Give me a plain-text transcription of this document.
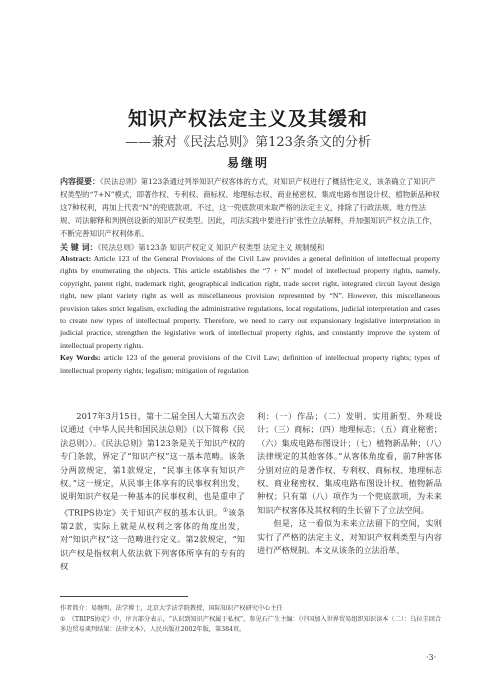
知识产权法定主义及其缓和
——兼对《民法总则》第123条条文的分析
易继明
内容提要：《民法总则》第123条通过列举知识产权客体的方式，对知识产权进行了概括性定义，该条确立了知识产权类型的“7+N”模式，即著作权、专利权、商标权、地理标志权、商业秘密权、集成电路布图设计权、植物新品种权这7种权利，再加上代表“N”的兜底款项。不过，这一兜底款项未取严格的法定主义，排除了行政法规、地方性法规、司法解释和判例创设新的知识产权类型。因此，司法实践中要进行扩张性立法解释，并加强知识产权立法工作，不断完善知识产权利体系。
关 键 词：《民法总则》第123条 知识产权定义 知识产权类型 法定主义 规制缓和
Abstract: Article 123 of the General Provisions of the Civil Law provides a general definition of intellectual property rights by enumerating the objects. This article establishes the “7 + N” model of intellectual property rights, namely, copyright, patent right, trademark right, geographical indication right, trade secret right, integrated circuit layout design right, new plant variety right as well as miscellaneous provision represented by “N”. However, this miscellaneous provision takes strict legalism, excluding the administrative regulations, local regulations, judicial interpretation and cases to create new types of intellectual property. Therefore, we need to carry out expansionary legislative interpretation in judicial practice, strengthen the legislative work of intellectual property rights, and constantly improve the system of intellectual property rights.
Key Words: article 123 of the general provisions of the Civil Law; definition of intellectual property rights; types of intellectual property rights; legalism; mitigation of regulation
2017年3月15日，第十二届全国人大第五次会议通过《中华人民共和国民法总则》（以下简称《民法总则》）。《民法总则》第123条是关于知识产权的专门条款，界定了“知识产权”这一基本范畴。该条分两款规定，第1款规定，“民事主体享有知识产权。”这一规定，从民事主体享有的民事权利出发，说明知识产权是一种基本的民事权利，也是重申了《TRIPS协定》关于知识产权的基本认识。①该条第2款，实际上就是从权利之客体的角度出发，对“知识产权”这一范畴进行定义。第2款规定，“知识产权是指权利人依法就下列客体所享有的专有的权
利：（一）作品；（二）发明、实用新型、外观设计；（三）商标；（四）地理标志；（五）商业秘密；（六）集成电路布图设计；（七）植物新品种；（八）法律规定的其他客体。”从客体角度看，前7种客体分别对应的是著作权、专利权、商标权、地理标志权、商业秘密权、集成电路布图设计权、植物新品种权；只有第（八）项作为一个兜底款项，为未来知识产权客体及其权利的生长留下了立法空间。
但是，这一看似为未来立法留下的空间，实则实行了严格的法定主义，对知识产权利类型与内容进行严格规制。本文从该条的立法沿革、
作者简介：易继明，法学博士，北京大学法学院教授、国际知识产权研究中心主任
①　《TRIPS协定》中，序言部分表示，“认识到知识产权属于私权”。参见石广生主编：《中国加入世界贸易组织知识读本（二）：乌拉圭回合多边贸易谈判结果：法律文本》，人民出版社2002年版，第384页。
·3·
